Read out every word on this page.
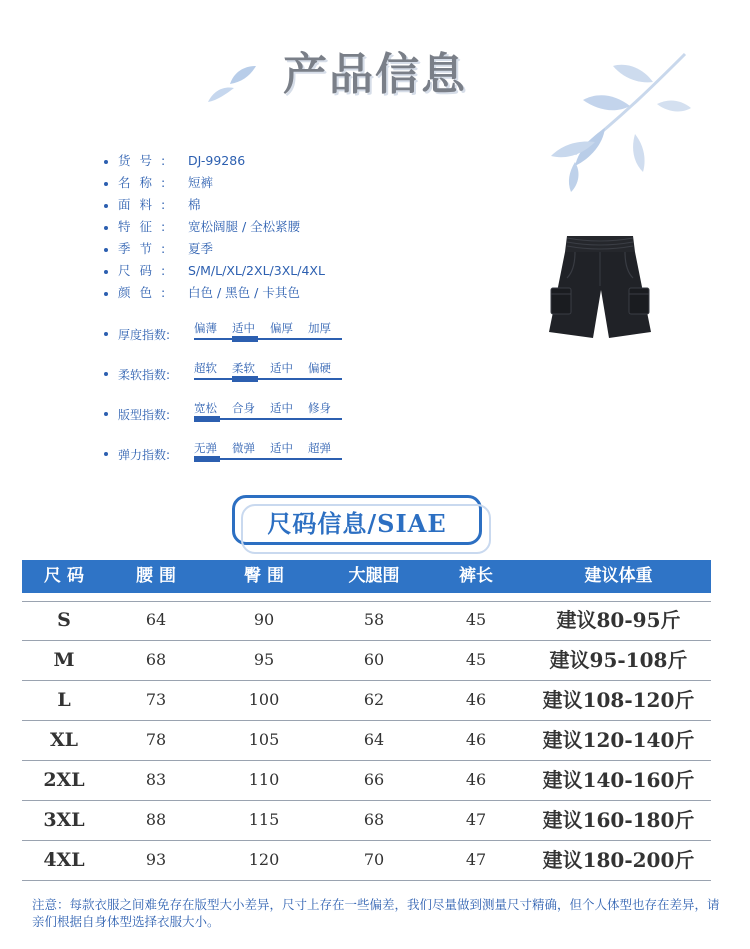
产品信息
货号: DJ-99286
名称: 短裤
面料: 棉
特征: 宽松阔腿 / 全松紧腰
季节: 夏季
尺码: S/M/L/XL/2XL/3XL/4XL
颜色: 白色 / 黑色 / 卡其色
厚度指数: 偏薄 适中 偏厚 加厚
柔软指数: 超软 柔软 适中 偏硬
版型指数: 宽松 合身 适中 修身
弹力指数: 无弹 微弹 适中 超弹
尺码信息/SIAE
尺 码	腰 围	臀 围	大腿围	裤长	建议体重
S	64	90	58	45	建议80-95斤
M	68	95	60	45	建议95-108斤
L	73	100	62	46	建议108-120斤
XL	78	105	64	46	建议120-140斤
2XL	83	110	66	46	建议140-160斤
3XL	88	115	68	47	建议160-180斤
4XL	93	120	70	47	建议180-200斤
注意：每款衣服之间难免存在版型大小差异，尺寸上存在一些偏差，我们尽量做到测量尺寸精确，但个人体型也存在差异，请亲们根据自身体型选择衣服大小。
